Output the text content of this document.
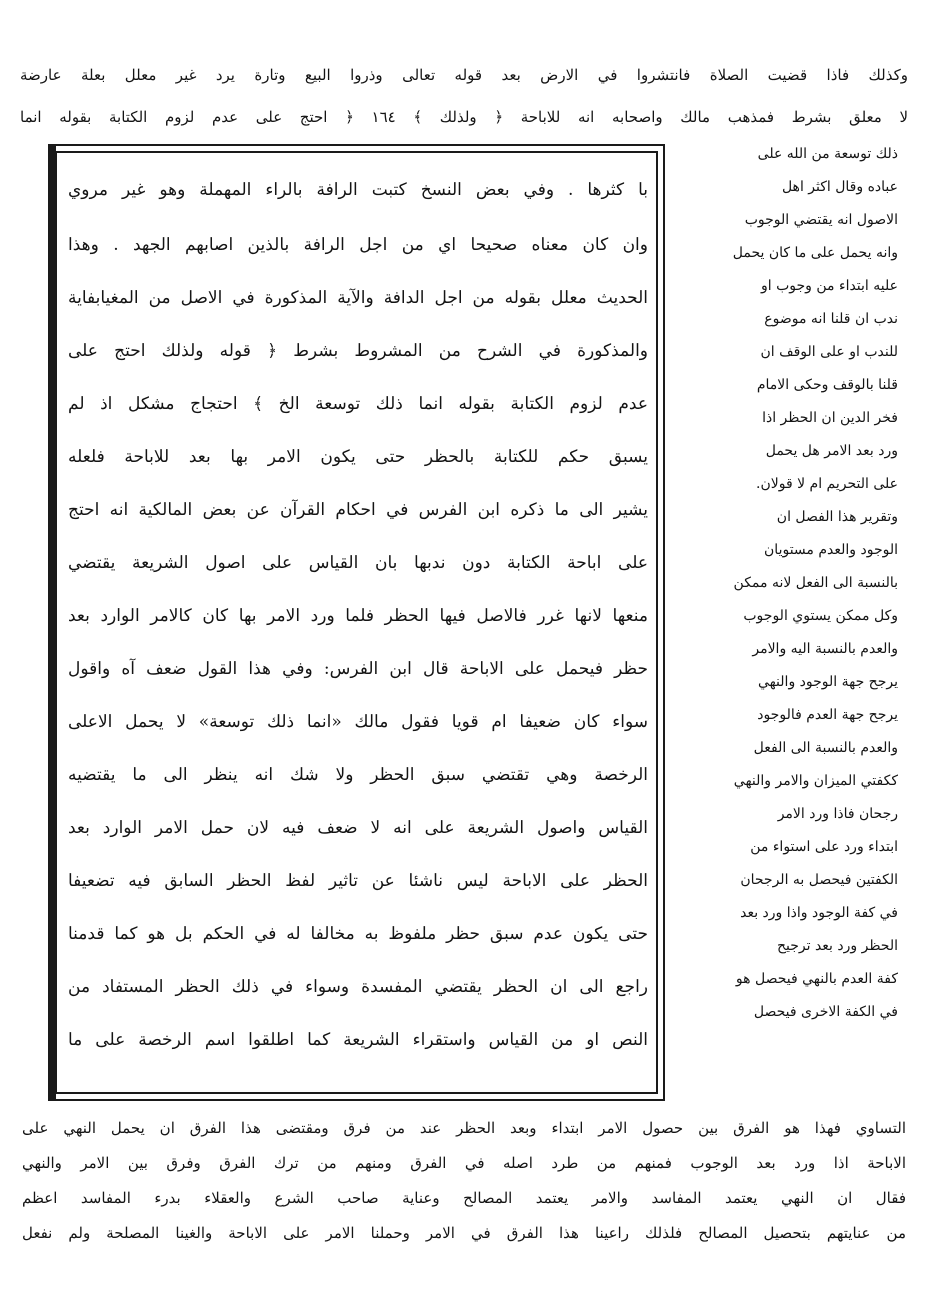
وكذلك فاذا قضيت الصلاة فانتشروا في الارض بعد قوله تعالى وذروا البيع وتارة يرد غير معلل بعلة عارضة
لا معلق بشرط فمذهب مالك واصحابه انه للاباحة ﴿ ولذلك ﴾ ١٦٤ ﴿ احتج على عدم لزوم الكتابة بقوله انما
با كثرها . وفي بعض النسخ كتبت الرافة بالراء المهملة وهو غير مروي
وان كان معناه صحيحا اي من اجل الرافة بالذين اصابهم الجهد . وهذا
الحديث معلل بقوله من اجل الدافة والآية المذكورة في الاصل من المغيابفاية
والمذكورة في الشرح من المشروط بشرط ﴿ قوله ولذلك احتج على
عدم لزوم الكتابة بقوله انما ذلك توسعة الخ ﴾ احتجاج مشكل اذ لم
يسبق حكم للكتابة بالحظر حتى يكون الامر بها بعد للاباحة فلعله
يشير الى ما ذكره ابن الفرس في احكام القرآن عن بعض المالكية انه احتج
على اباحة الكتابة دون ندبها بان القياس على اصول الشريعة يقتضي
منعها لانها غرر فالاصل فيها الحظر فلما ورد الامر بها كان كالامر الوارد بعد
حظر فيحمل على الاباحة قال ابن الفرس: وفي هذا القول ضعف آه واقول
سواء كان ضعيفا ام قويا فقول مالك «انما ذلك توسعة» لا يحمل الاعلى
الرخصة وهي تقتضي سبق الحظر ولا شك انه ينظر الى ما يقتضيه
القياس واصول الشريعة على انه لا ضعف فيه لان حمل الامر الوارد بعد
الحظر على الاباحة ليس ناشئا عن تاثير لفظ الحظر السابق فيه تضعيفا
حتى يكون عدم سبق حظر ملفوظ به مخالفا له في الحكم بل هو كما قدمنا
راجع الى ان الحظر يقتضي المفسدة وسواء في ذلك الحظر المستفاد من
النص او من القياس واستقراء الشريعة كما اطلقوا اسم الرخصة على ما
ذلك توسعة من الله على
عباده وقال اكثر اهل
الاصول انه يقتضي الوجوب
وانه يحمل على ما كان يحمل
عليه ابتداء من وجوب او
ندب ان قلنا انه موضوع
للندب او على الوقف ان
قلنا بالوقف وحكى الامام
فخر الدين ان الحظر اذا
ورد بعد الامر هل يحمل
على التحريم ام لا قولان.
وتقرير هذا الفصل ان
الوجود والعدم مستويان
بالنسبة الى الفعل لانه ممكن
وكل ممكن يستوي الوجوب
والعدم بالنسبة اليه والامر
يرجح جهة الوجود والنهي
يرجح جهة العدم فالوجود
والعدم بالنسبة الى الفعل
ككفتي الميزان والامر والنهي
رجحان فاذا ورد الامر
ابتداء ورد على استواء من
الكفتين فيحصل به الرجحان
في كفة الوجود واذا ورد بعد
الحظر ورد بعد ترجيح
كفة العدم بالنهي فيحصل هو
في الكفة الاخرى فيحصل
التساوي فهذا هو الفرق بين حصول الامر ابتداء وبعد الحظر عند من فرق ومقتضى هذا الفرق ان يحمل النهي على
الاباحة اذا ورد بعد الوجوب فمنهم من طرد اصله في الفرق ومنهم من ترك الفرق وفرق بين الامر والنهي
فقال ان النهي يعتمد المفاسد والامر يعتمد المصالح وعناية صاحب الشرع والعقلاء بدرء المفاسد اعظم
من عنايتهم بتحصيل المصالح فلذلك راعينا هذا الفرق في الامر وحملنا الامر على الاباحة والغينا المصلحة ولم نفعل
